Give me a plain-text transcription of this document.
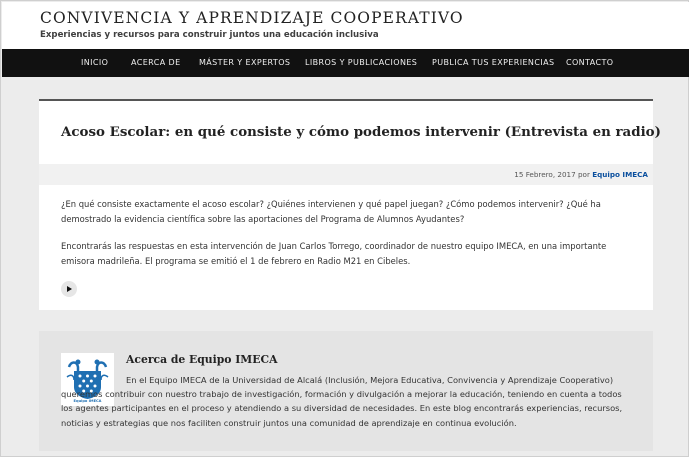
CONVIVENCIA Y APRENDIZAJE COOPERATIVO
Experiencias y recursos para construir juntos una educación inclusiva
INICIO	ACERCA DE MÁSTER Y EXPERTOS LIBROS Y PUBLICACIONES PUBLICA TUS EXPERIENCIAS CONTACTO
Acoso Escolar: en qué consiste y cómo podemos intervenir (Entrevista en radio)
15 Febrero, 2017 por Equipo IMECA

¿En qué consiste exactamente el acoso escolar? ¿Quiénes intervienen y qué papel juegan? ¿Cómo podemos intervenir? ¿Qué ha demostrado la evidencia científica sobre las aportaciones del Programa de Alumnos Ayudantes?

Encontrarás las respuestas en esta intervención de Juan Carlos Torrego, coordinador de nuestro equipo IMECA, en una importante emisora madrileña. El programa se emitió el 1 de febrero en Radio M21 en Cibeles.

Equipo IMECA
Acerca de Equipo IMECA

En el Equipo IMECA de la Universidad de Alcalá (Inclusión, Mejora Educativa, Convivencia y Aprendizaje Cooperativo) queremos contribuir con nuestro trabajo de investigación, formación y divulgación a mejorar la educación, teniendo en cuenta a todos los agentes participantes en el proceso y atendiendo a su diversidad de necesidades. En este blog encontrarás experiencias, recursos, noticias y estrategias que nos faciliten construir juntos una comunidad de aprendizaje en continua evolución.
